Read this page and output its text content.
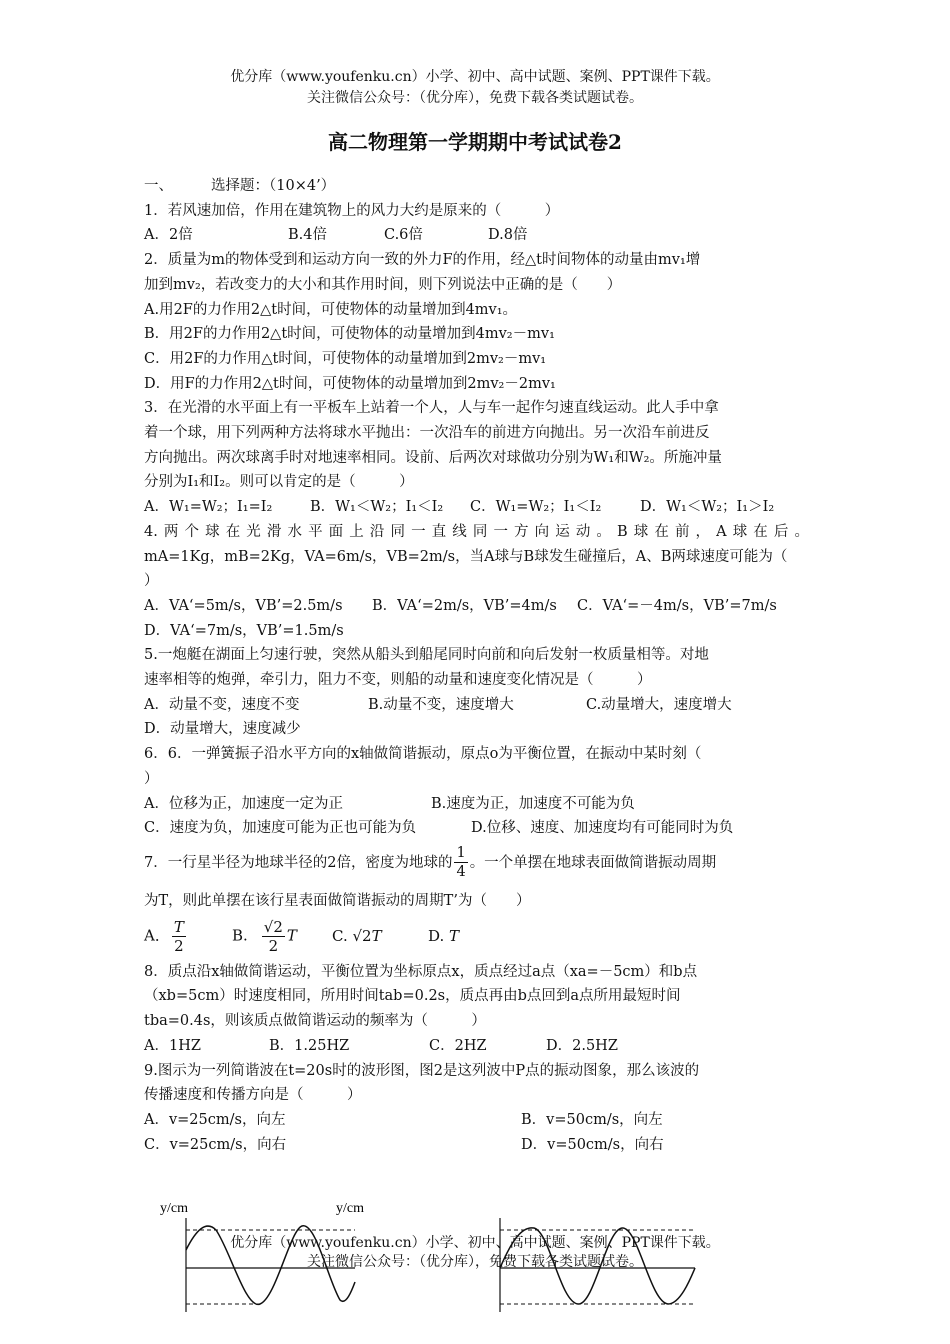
优分库（www.youfenku.cn）小学、初中、高中试题、案例、PPT课件下载。
关注微信公众号：（优分库），免费下载各类试题试卷。
高二物理第一学期期中考试试卷2
一、	选择题：（10×4’）
1．若风速加倍，作用在建筑物上的风力大约是原来的（　　　）
A．2倍	B.4倍	C.6倍	D.8倍
2．质量为m的物体受到和运动方向一致的外力F的作用，经△t时间物体的动量由mv₁增
加到mv₂，若改变力的大小和其作用时间，则下列说法中正确的是（　　）
A.用2F的力作用2△t时间，可使物体的动量增加到4mv₁。
B．用2F的力作用2△t时间，可使物体的动量增加到4mv₂－mv₁
C．用2F的力作用△t时间，可使物体的动量增加到2mv₂－mv₁
D．用F的力作用2△t时间，可使物体的动量增加到2mv₂－2mv₁
3．在光滑的水平面上有一平板车上站着一个人，人与车一起作匀速直线运动。此人手中拿
着一个球，用下列两种方法将球水平抛出：一次沿车的前进方向抛出。另一次沿车前进反
方向抛出。两次球离手时对地速率相同。设前、后两次对球做功分别为W₁和W₂。所施冲量
分别为I₁和I₂。则可以肯定的是（　　　）
A．W₁=W₂；I₁=I₂	B．W₁＜W₂；I₁＜I₂	C．W₁=W₂；I₁＜I₂	D．W₁＜W₂；I₁＞I₂
4.两个球在光滑水平面上沿同一直线同一方向运动。B球在前，A球在后。
mA=1Kg，mB=2Kg，VA=6m/s，VB=2m/s，当A球与B球发生碰撞后，A、B两球速度可能为（
）
A．VA‘=5m/s，VB’=2.5m/s	B．VA‘=2m/s，VB’=4m/s	C．VA‘=－4m/s，VB’=7m/s
D．VA‘=7m/s，VB’=1.5m/s
5.一炮艇在湖面上匀速行驶，突然从船头到船尾同时向前和向后发射一枚质量相等。对地
速率相等的炮弹，牵引力，阻力不变，则船的动量和速度变化情况是（　　　）
A．动量不变，速度不变	B.动量不变，速度增大	C.动量增大，速度增大
D．动量增大，速度减少
6．6．一弹簧振子沿水平方向的x轴做简谐振动，原点o为平衡位置，在振动中某时刻（
）
A．位移为正，加速度一定为正	B.速度为正，加速度不可能为负
C．速度为负，加速度可能为正也可能为负	D.位移、速度、加速度均有可能同时为负
7．一行星半径为地球半径的2倍，密度为地球的 $\frac{1}{4}$ 。一个单摆在地球表面做简谐振动周期
为T，则此单摆在该行星表面做简谐振动的周期T’为（　　）
A． $\frac{T}{2}$	B. $\frac{√2}{2}$ T	C. √2T	D. T
8．质点沿x轴做简谐运动，平衡位置为坐标原点x，质点经过a点（xa=－5cm）和b点
（xb=5cm）时速度相同，所用时间tab=0.2s，质点再由b点回到a点所用最短时间
tba=0.4s，则该质点做简谐运动的频率为（　　　）
A．1HZ	B．1.25HZ	C．2HZ	D．2.5HZ
9.图示为一列简谐波在t=20s时的波形图，图2是这列波中P点的振动图象，那么该波的
传播速度和传播方向是（　　　）
A．v=25cm/s，向左	B．v=50cm/s，向左
C．v=25cm/s，向右	D．v=50cm/s，向右
y/cm	y/cm
优分库（www.youfenku.cn）小学、初中、高中试题、案例、PPT课件下载。
关注微信公众号：（优分库），免费下载各类试题试卷。
